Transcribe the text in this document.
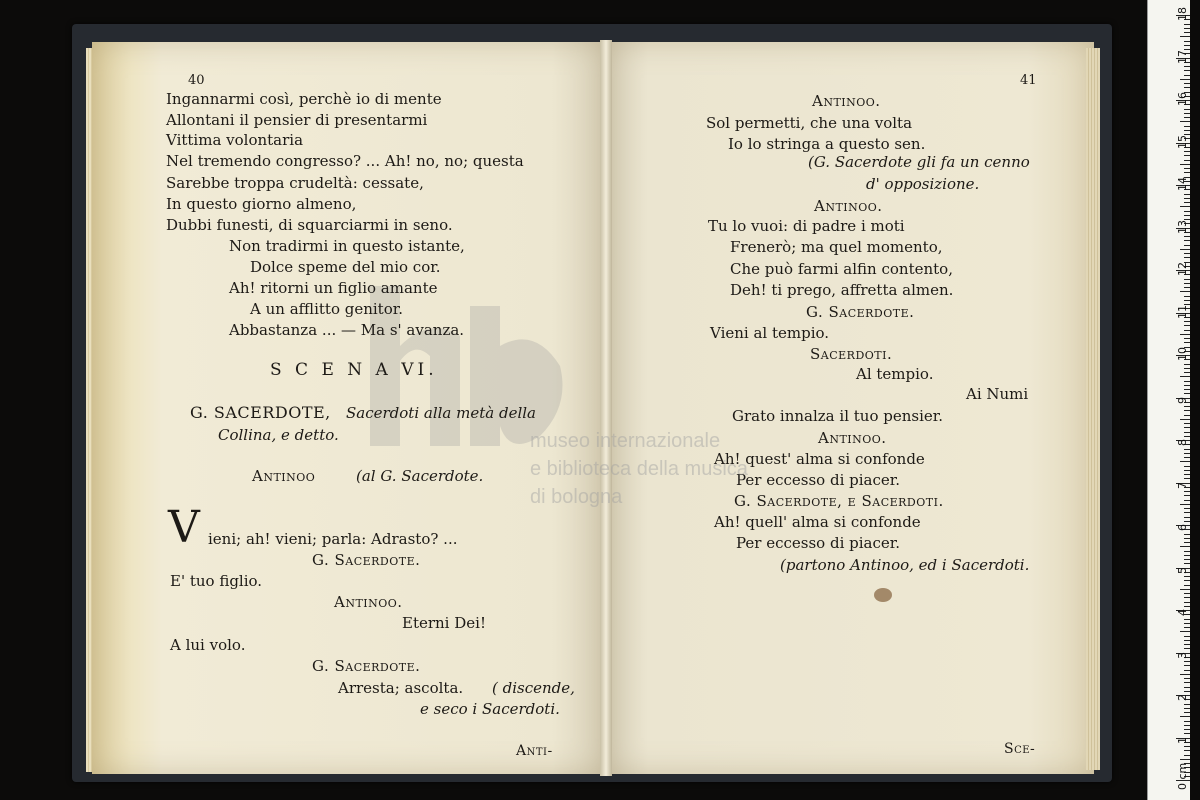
40
Ingannarmi così, perchè io di mente
Allontani il pensier di presentarmi
Vittima volontaria
Nel tremendo congresso? ... Ah! no, no; questa
Sarebbe troppa crudeltà: cessate,
In questo giorno almeno,
Dubbi funesti, di squarciarmi in seno.
Non tradirmi in questo istante,
Dolce speme del mio cor.
Ah! ritorni un figlio amante
A un afflitto genitor.
Abbastanza ... — Ma s' avanza.
S C E N A VI.
G. SACERDOTE, Sacerdoti alla metà della
Collina, e detto.
Antinoo	(al G. Sacerdote.
V ieni; ah! vieni; parla: Adrasto? ...
G. Sacerdote.
E' tuo figlio.
Antinoo.
Eterni Dei!
A lui volo.
G. Sacerdote.
Arresta; ascolta. ( discende,
e seco i Sacerdoti.
Anti-
41
Antinoo.
Sol permetti, che una volta
Io lo stringa a questo sen.
(G. Sacerdote gli fa un cenno
d' opposizione.
Antinoo.
Tu lo vuoi: di padre i moti
Frenerò; ma quel momento,
Che può farmi alfin contento,
Deh! ti prego, affretta almen.
G. Sacerdote.
Vieni al tempio.
Sacerdoti.
Al tempio.
Ai Numi
Grato innalza il tuo pensier.
Antinoo.
Ah! quest' alma si confonde
Per eccesso di piacer.
G. Sacerdote, e Sacerdoti.
Ah! quell' alma si confonde
Per eccesso di piacer.
(partono Antinoo, ed i Sacerdoti.
Sce-
museo internazionale
e biblioteca della musica
di bologna
1
2
3
4
5
6
7
8
9
10
11
12
13
14
15
16
17
18
0 cm
